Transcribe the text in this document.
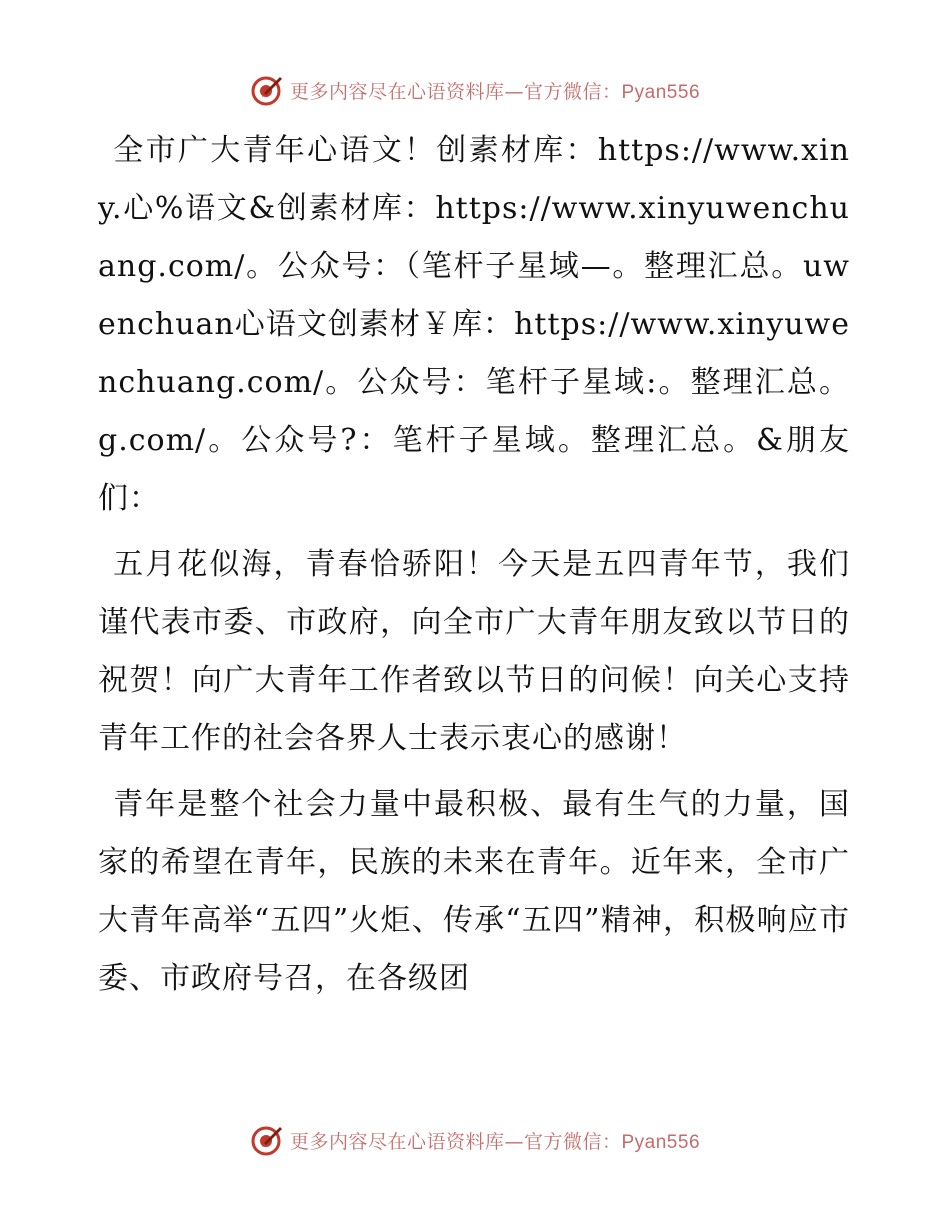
更多内容尽在心语资料库—官方微信：Pyan556

全市广大青年心语文！创素材库：https://www.xiny.心%语文&创素材库：https://www.xinyuwenchuang.com/。公众号：（笔杆子星域—。整理汇总。uwenchuan心语文创素材￥库：https://www.xinyuwenchuang.com/。公众号：笔杆子星域:。整理汇总。g.com/。公众号?：笔杆子星域。整理汇总。&朋友们：

五月花似海，青春恰骄阳！今天是五四青年节，我们谨代表市委、市政府，向全市广大青年朋友致以节日的祝贺！向广大青年工作者致以节日的问候！向关心支持青年工作的社会各界人士表示衷心的感谢！

青年是整个社会力量中最积极、最有生气的力量，国家的希望在青年，民族的未来在青年。近年来，全市广大青年高举“五四”火炬、传承“五四”精神，积极响应市委、市政府号召，在各级团

更多内容尽在心语资料库—官方微信：Pyan556
